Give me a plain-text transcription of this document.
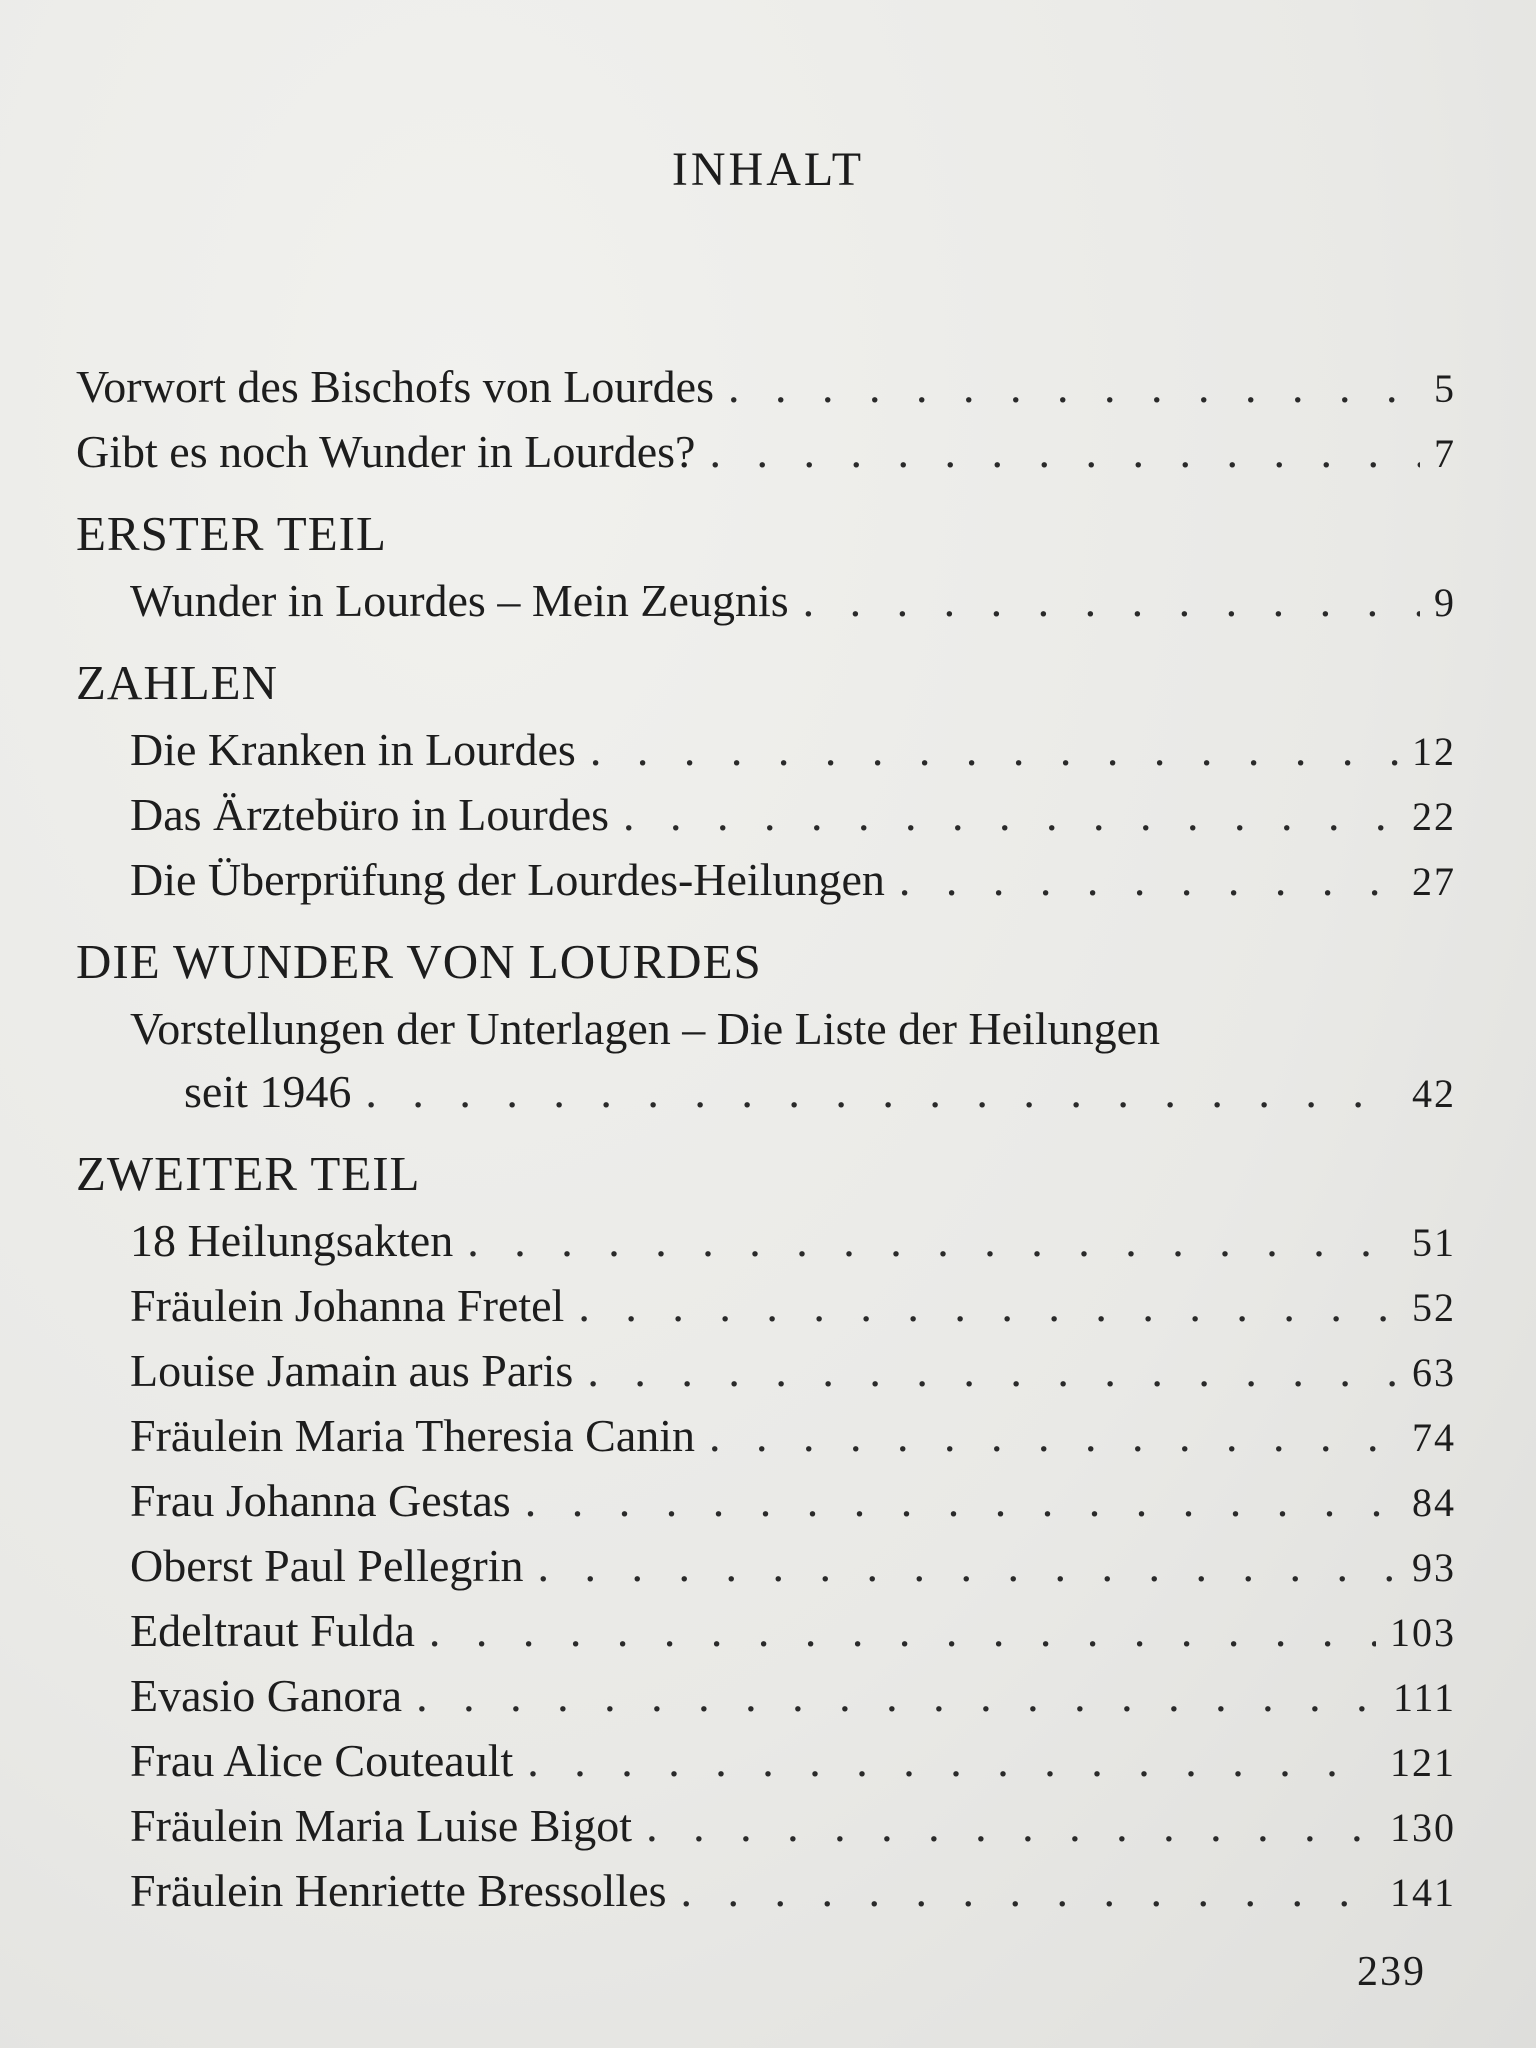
INHALT
Vorwort des Bischofs von Lourdes . . .	5
Gibt es noch Wunder in Lourdes? . . .	7
ERSTER TEIL
Wunder in Lourdes – Mein Zeugnis . . .	9
ZAHLEN
Die Kranken in Lourdes . . .	12
Das Ärztebüro in Lourdes . . .	22
Die Überprüfung der Lourdes-Heilungen . . .	27
DIE WUNDER VON LOURDES
Vorstellungen der Unterlagen – Die Liste der Heilungen
seit 1946 . . .	42
ZWEITER TEIL
18 Heilungsakten . . .	51
Fräulein Johanna Fretel . . .	52
Louise Jamain aus Paris . . .	63
Fräulein Maria Theresia Canin . . .	74
Frau Johanna Gestas . . .	84
Oberst Paul Pellegrin . . .	93
Edeltraut Fulda . . .	103
Evasio Ganora . . .	111
Frau Alice Couteault . . .	121
Fräulein Maria Luise Bigot . . .	130
Fräulein Henriette Bressolles . . .	141
239
